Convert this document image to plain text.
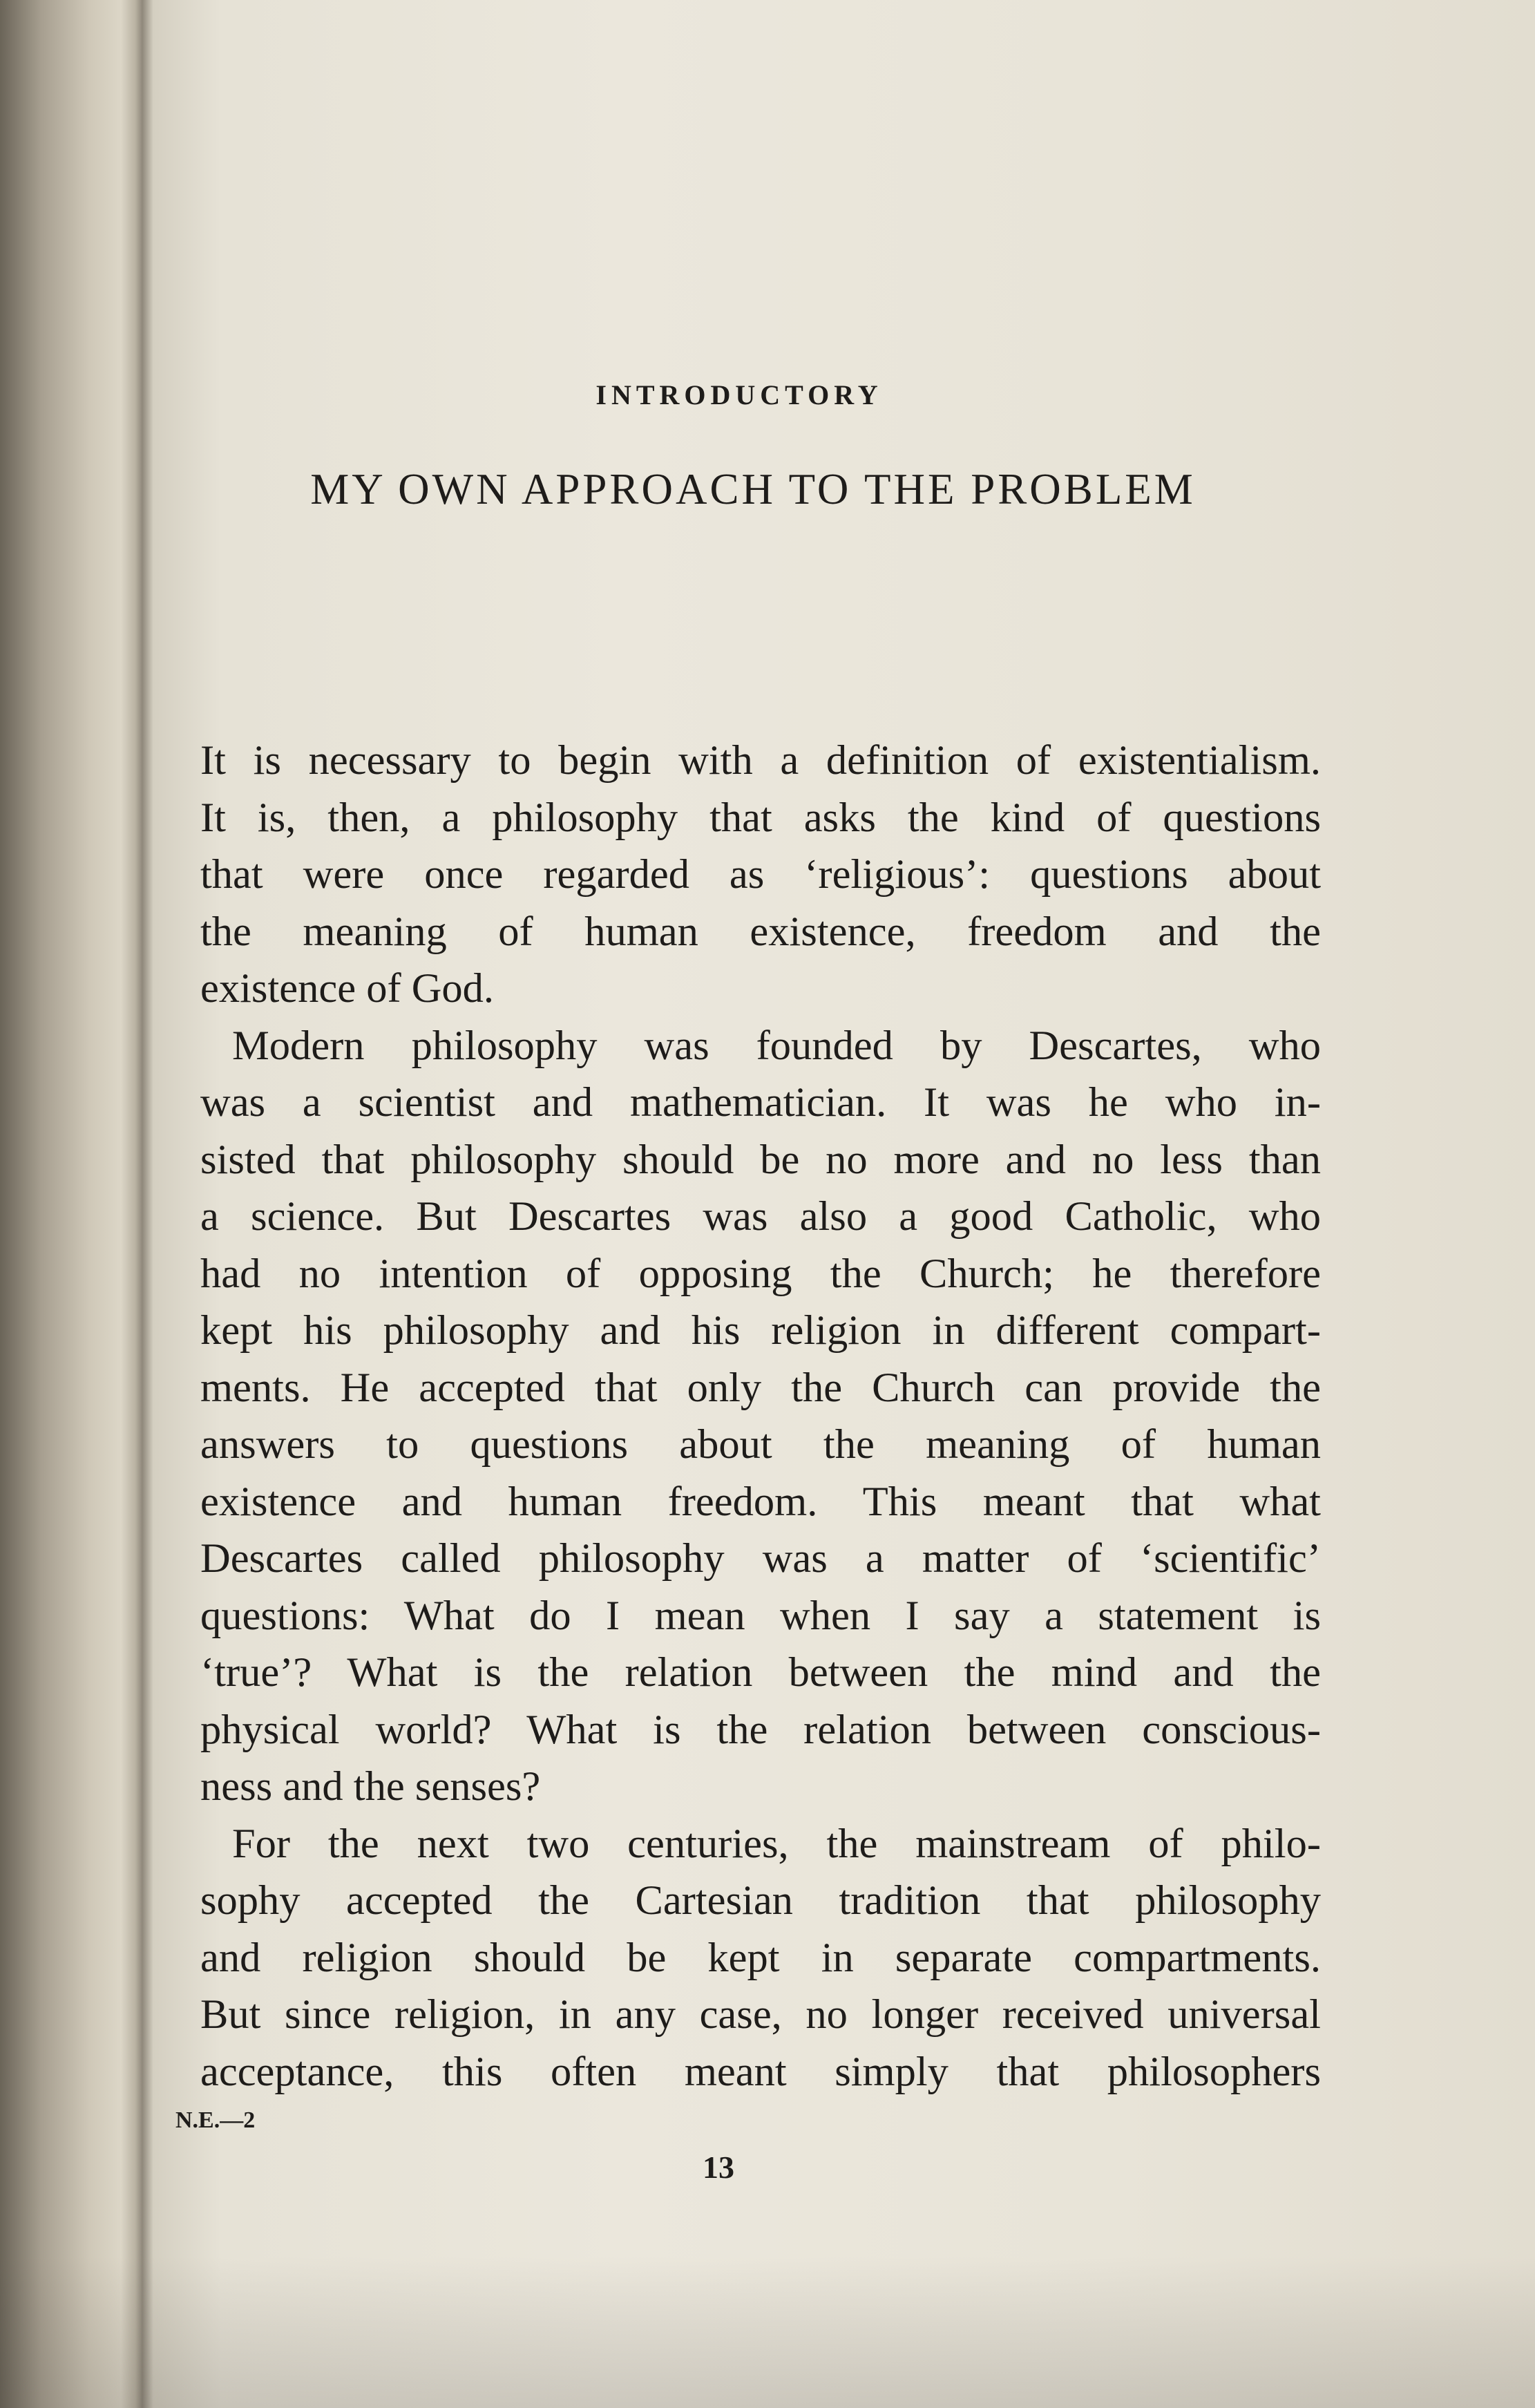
INTRODUCTORY
MY OWN APPROACH TO THE PROBLEM
It is necessary to begin with a definition of existentialism.
It is, then, a philosophy that asks the kind of questions
that were once regarded as ‘religious’: questions about
the meaning of human existence, freedom and the
existence of God.
Modern philosophy was founded by Descartes, who
was a scientist and mathematician. It was he who in-
sisted that philosophy should be no more and no less than
a science. But Descartes was also a good Catholic, who
had no intention of opposing the Church; he therefore
kept his philosophy and his religion in different compart-
ments. He accepted that only the Church can provide the
answers to questions about the meaning of human
existence and human freedom. This meant that what
Descartes called philosophy was a matter of ‘scientific’
questions: What do I mean when I say a statement is
‘true’? What is the relation between the mind and the
physical world? What is the relation between conscious-
ness and the senses?
For the next two centuries, the mainstream of philo-
sophy accepted the Cartesian tradition that philosophy
and religion should be kept in separate compartments.
But since religion, in any case, no longer received universal
acceptance, this often meant simply that philosophers
N.E.—2
13
